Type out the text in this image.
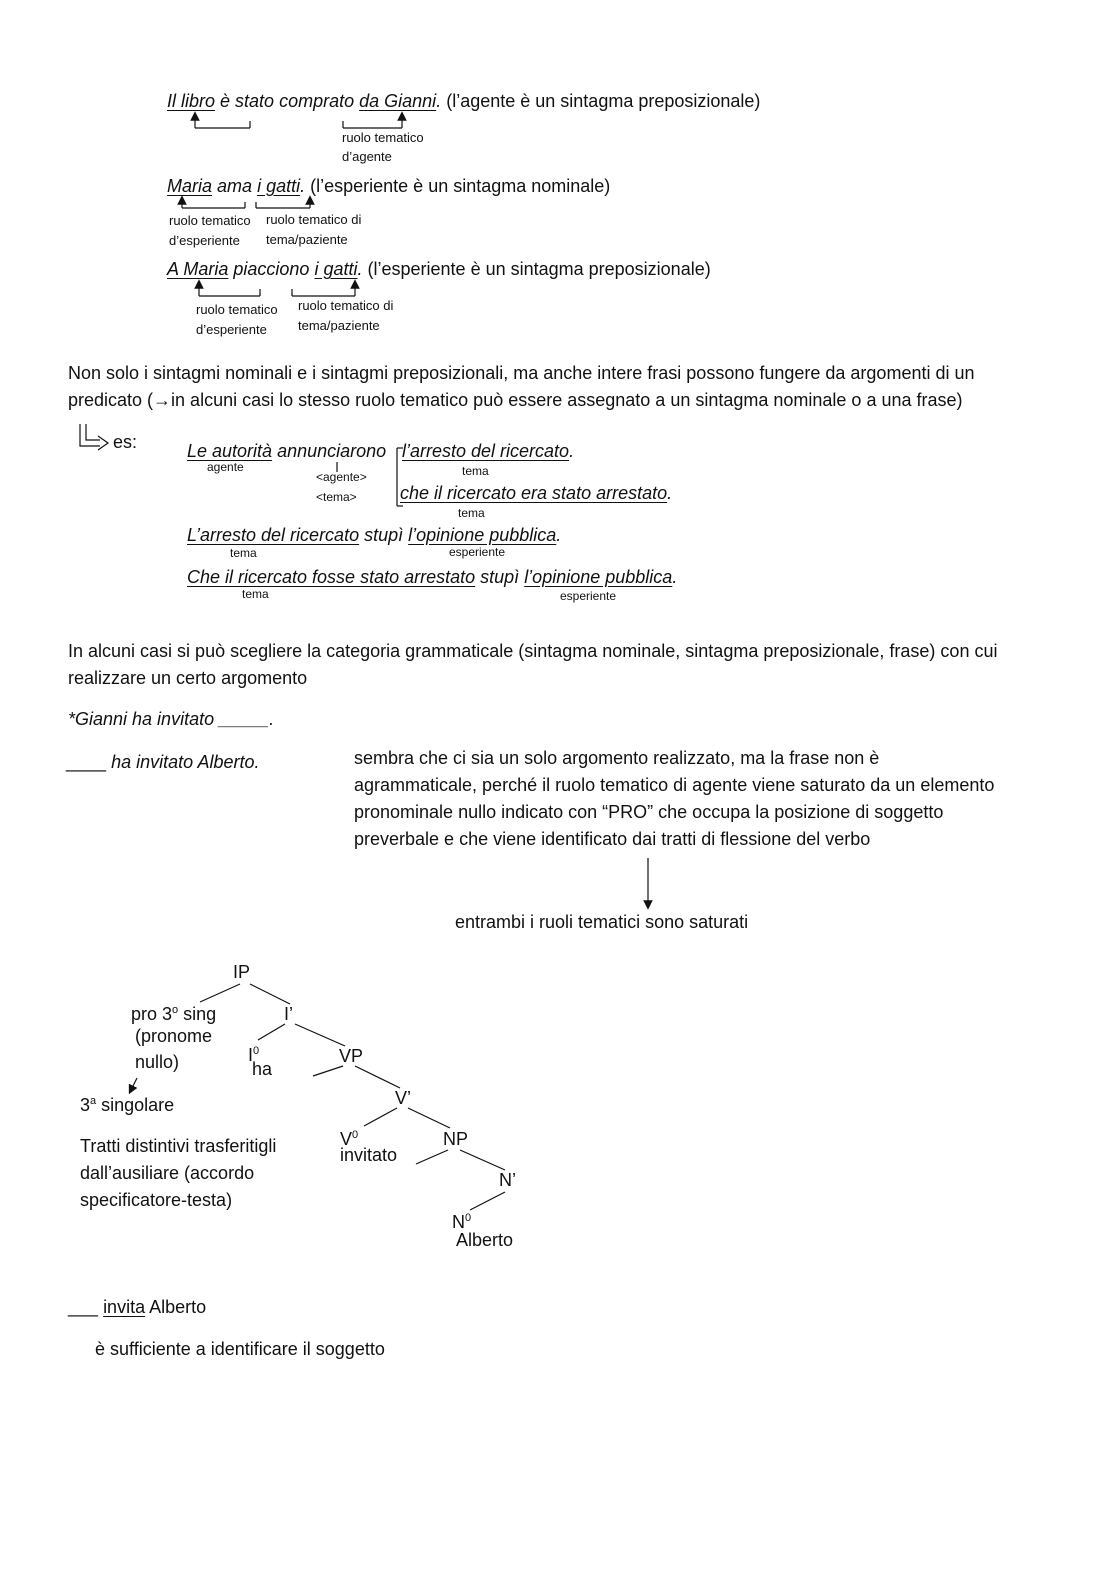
Il libro è stato comprato da Gianni. (l’agente è un sintagma preposizionale)
ruolo tematico
d’agente
Maria ama i gatti. (l’esperiente è un sintagma nominale)
ruolo tematico
d’esperiente
ruolo tematico di
tema/paziente
A Maria piacciono i gatti. (l’esperiente è un sintagma preposizionale)
ruolo tematico
d’esperiente
ruolo tematico di
tema/paziente
Non solo i sintagmi nominali e i sintagmi preposizionali, ma anche intere frasi possono fungere da argomenti di un predicato (→in alcuni casi lo stesso ruolo tematico può essere assegnato a un sintagma nominale o a una frase)
es:	Le autorità annunciarono
agente
<agente>
<tema>
l’arresto del ricercato.
tema
che il ricercato era stato arrestato.
tema
L’arresto del ricercato stupì l’opinione pubblica.
tema	esperiente
Che il ricercato fosse stato arrestato stupì l’opinione pubblica.
tema	esperiente
In alcuni casi si può scegliere la categoria grammaticale (sintagma nominale, sintagma preposizionale, frase) con cui realizzare un certo argomento
*Gianni ha invitato _____.
____ ha invitato Alberto.	sembra che ci sia un solo argomento realizzato, ma la frase non è agrammaticale, perché il ruolo tematico di agente viene saturato da un elemento pronominale nullo indicato con “PRO” che occupa la posizione di soggetto preverbale e che viene identificato dai tratti di flessione del verbo
entrambi i ruoli tematici sono saturati
IP
pro 3$^o$ sing
(pronome
nullo)
I’
$I^0$
ha
VP
V’
$V^0$
invitato
NP
N’
$N^0$
Alberto
3$^a$ singolare
Tratti distintivi trasferitigli dall’ausiliare (accordo specificatore-testa)
___ invita Alberto
è sufficiente a identificare il soggetto
